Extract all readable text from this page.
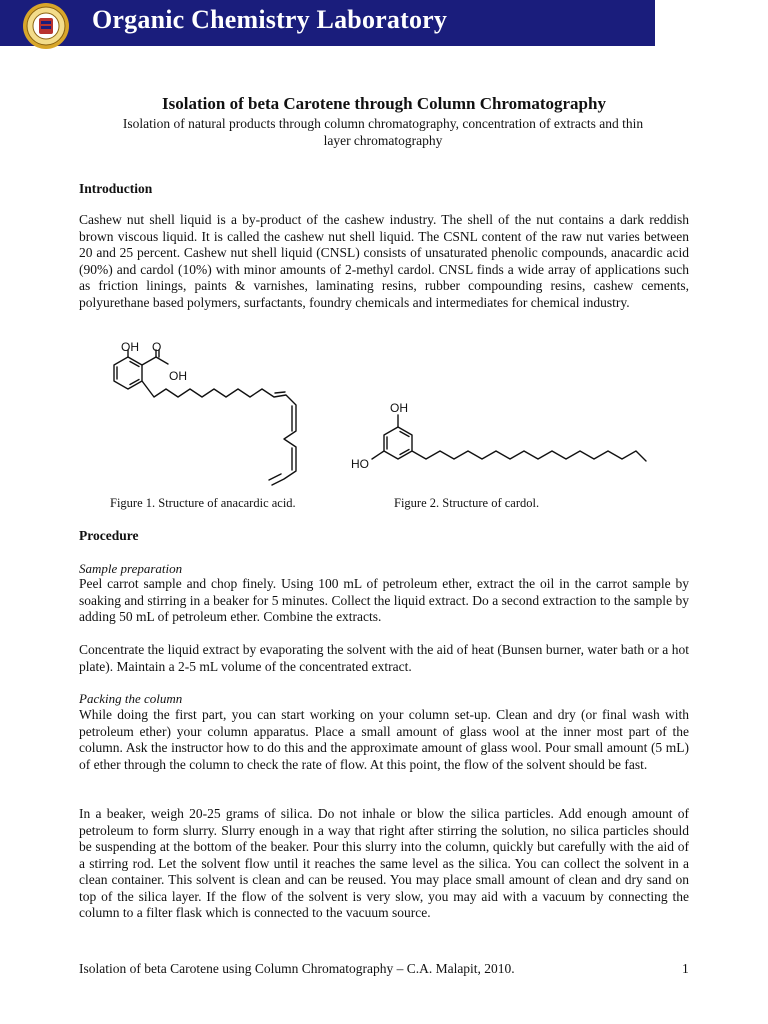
Organic Chemistry Laboratory
Isolation of beta Carotene through Column Chromatography
Isolation of natural products through column chromatography, concentration of extracts and thin layer chromatography
Introduction

Cashew nut shell liquid is a by-product of the cashew industry. The shell of the nut contains a dark reddish brown viscous liquid. It is called the cashew nut shell liquid. The CSNL content of the raw nut varies between 20 and 25 percent. Cashew nut shell liquid (CNSL) consists of unsaturated phenolic compounds, anacardic acid (90%) and cardol (10%) with minor amounts of 2-methyl cardol. CNSL finds a wide array of applications such as friction linings, paints & varnishes, laminating resins, rubber compounding resins, cashew cements, polyurethane based polymers, surfactants, foundry chemicals and intermediates for chemical industry.

OH O
OH
OH
HO
Figure 1. Structure of anacardic acid.	Figure 2. Structure of cardol.
Procedure
Sample preparation

Peel carrot sample and chop finely. Using 100 mL of petroleum ether, extract the oil in the carrot sample by soaking and stirring in a beaker for 5 minutes. Collect the liquid extract. Do a second extraction to the sample by adding 50 mL of petroleum ether. Combine the extracts.

Concentrate the liquid extract by evaporating the solvent with the aid of heat (Bunsen burner, water bath or a hot plate). Maintain a 2-5 mL volume of the concentrated extract.

Packing the column

While doing the first part, you can start working on your column set-up. Clean and dry (or final wash with petroleum ether) your column apparatus. Place a small amount of glass wool at the inner most part of the column. Ask the instructor how to do this and the approximate amount of glass wool. Pour small amount (5 mL) of ether through the column to check the rate of flow. At this point, the flow of the solvent should be fast.

In a beaker, weigh 20-25 grams of silica. Do not inhale or blow the silica particles. Add enough amount of petroleum to form slurry. Slurry enough in a way that right after stirring the solution, no silica particles should be suspending at the bottom of the beaker. Pour this slurry into the column, quickly but carefully with the aid of a stirring rod. Let the solvent flow until it reaches the same level as the silica. You can collect the solvent in a clean container. This solvent is clean and can be reused. You may place small amount of clean and dry sand on top of the silica layer. If the flow of the solvent is very slow, you may aid with a vacuum by connecting the column to a filter flask which is connected to the vacuum source.

Isolation of beta Carotene using Column Chromatography – C.A. Malapit, 2010.	1
